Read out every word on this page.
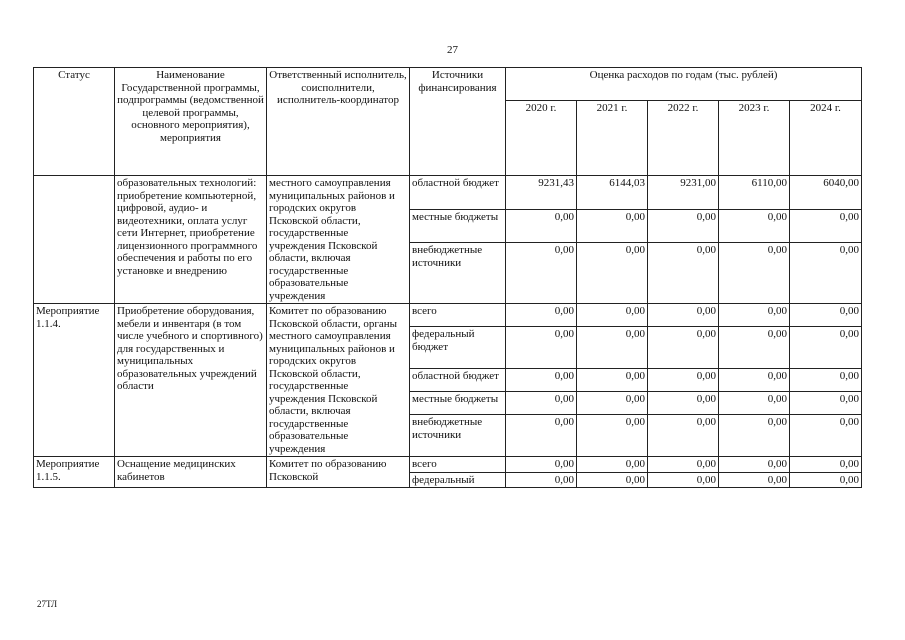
27
Статус	Наименование Государственной программы, подпрограммы (ведомственной целевой программы, основного мероприятия), мероприятия	Ответственный исполнитель, соисполнители, исполнитель-координатор	Источники финансирования	Оценка расходов по годам (тыс. рублей)				
				2020 г.	2021 г.	2022 г.	2023 г.	2024 г.
	образовательных технологий: приобретение компьютерной, цифровой, аудио- и видеотехники, оплата услуг сети Интернет, приобретение лицензионного программного обеспечения и работы по его установке и внедрению	местного самоуправления муниципальных районов и городских округов Псковской области, государственные учреждения Псковской области, включая государственные образовательные учреждения	областной бюджет	9231,43	6144,03	9231,00	6110,00	6040,00
			местные бюджеты	0,00	0,00	0,00	0,00	0,00
			внебюджетные источники	0,00	0,00	0,00	0,00	0,00
Мероприятие 1.1.4.	Приобретение оборудования, мебели и инвентаря (в том числе учебного и спортивного) для государственных и муниципальных образовательных учреждений области	Комитет по образованию Псковской области, органы местного самоуправления муниципальных районов и городских округов Псковской области, государственные учреждения Псковской области, включая государственные образовательные учреждения	всего	0,00	0,00	0,00	0,00	0,00
			федеральный бюджет	0,00	0,00	0,00	0,00	0,00
			областной бюджет	0,00	0,00	0,00	0,00	0,00
			местные бюджеты	0,00	0,00	0,00	0,00	0,00
			внебюджетные источники	0,00	0,00	0,00	0,00	0,00
Мероприятие 1.1.5.	Оснащение медицинских кабинетов	Комитет по образованию Псковской	всего	0,00	0,00	0,00	0,00	0,00
			федеральный	0,00	0,00	0,00	0,00	0,00
27ТЛ
